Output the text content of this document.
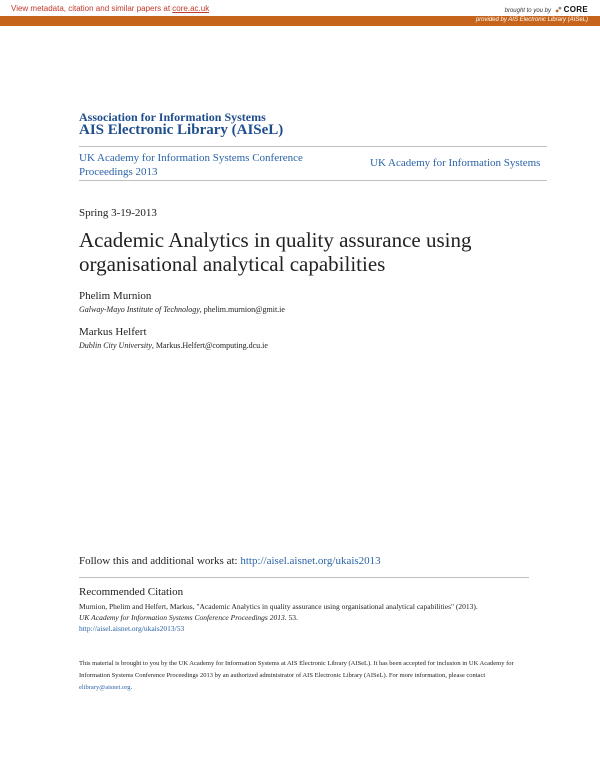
View metadata, citation and similar papers at core.ac.uk	brought to you by CORE
provided by AIS Electronic Library (AISeL)
Association for Information Systems
AIS Electronic Library (AISeL)
UK Academy for Information Systems Conference Proceedings 2013
UK Academy for Information Systems
Spring 3-19-2013
Academic Analytics in quality assurance using organisational analytical capabilities
Phelim Murnion
Galway-Mayo Institute of Technology, phelim.murnion@gmit.ie
Markus Helfert
Dublin City University, Markus.Helfert@computing.dcu.ie
Follow this and additional works at: http://aisel.aisnet.org/ukais2013
Recommended Citation
Murnion, Phelim and Helfert, Markus, "Academic Analytics in quality assurance using organisational analytical capabilities" (2013).
UK Academy for Information Systems Conference Proceedings 2013. 53.
http://aisel.aisnet.org/ukais2013/53
This material is brought to you by the UK Academy for Information Systems at AIS Electronic Library (AISeL). It has been accepted for inclusion in UK Academy for Information Systems Conference Proceedings 2013 by an authorized administrator of AIS Electronic Library (AISeL). For more information, please contact elibrary@aisnet.org.
